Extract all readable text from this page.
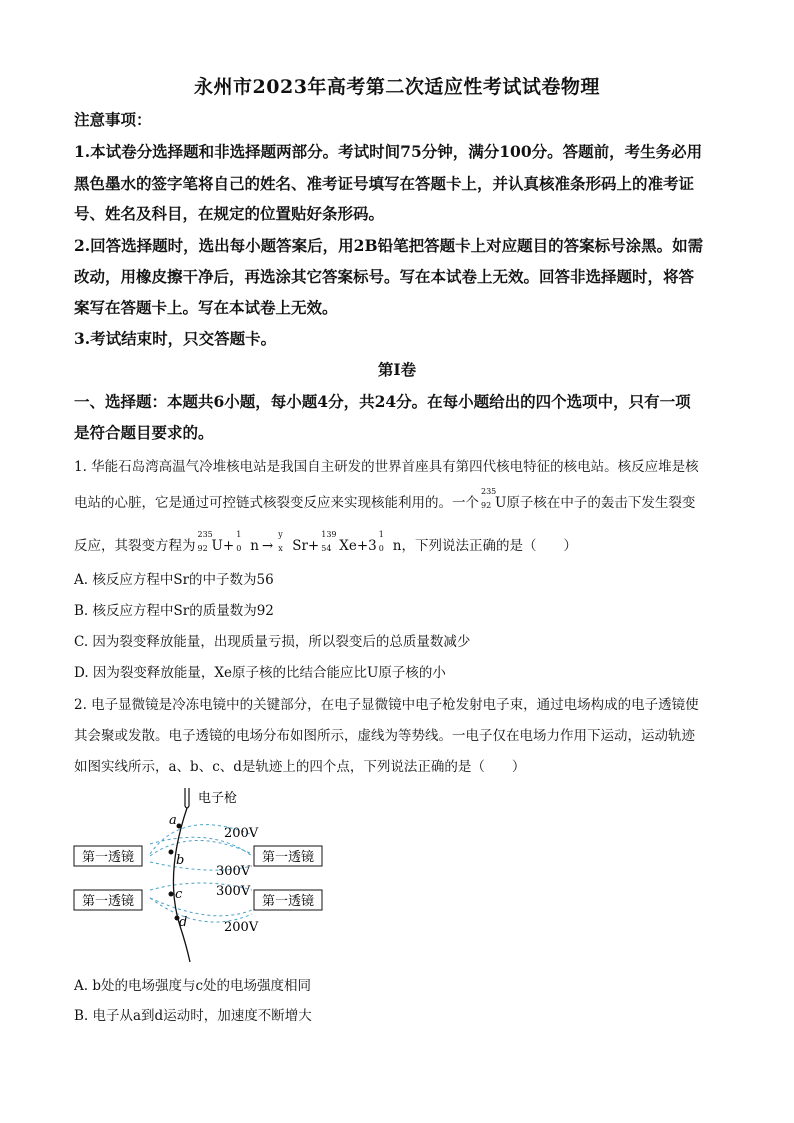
永州市2023年高考第二次适应性考试试卷物理
注意事项：
1.本试卷分选择题和非选择题两部分。考试时间75分钟，满分100分。答题前，考生务必用
黑色墨水的签字笔将自己的姓名、准考证号填写在答题卡上，并认真核准条形码上的准考证
号、姓名及科目，在规定的位置贴好条形码。
2.回答选择题时，选出每小题答案后，用2B铅笔把答题卡上对应题目的答案标号涂黑。如需
改动，用橡皮擦干净后，再选涂其它答案标号。写在本试卷上无效。回答非选择题时，将答
案写在答题卡上。写在本试卷上无效。
3.考试结束时，只交答题卡。
第Ⅰ卷
一、选择题：本题共6小题，每小题4分，共24分。在每小题给出的四个选项中，只有一项
是符合题目要求的。
1. 华能石岛湾高温气冷堆核电站是我国自主研发的世界首座具有第四代核电特征的核电站。核反应堆是核
电站的心脏，它是通过可控链式核裂变反应来实现核能利用的。一个
235
92 U原子核在中子的轰击下发生裂变
反应，其裂变方程为
235
92 U+
1
0 n →
y
x Sr+
139
54 Xe+3
1
0 n，下列说法正确的是（　　）
A. 核反应方程中Sr的中子数为56
B. 核反应方程中Sr的质量数为92
C. 因为裂变释放能量，出现质量亏损，所以裂变后的总质量数减少
D. 因为裂变释放能量，Xe原子核的比结合能应比U原子核的小
2. 电子显微镜是冷冻电镜中的关键部分，在电子显微镜中电子枪发射电子束，通过电场构成的电子透镜使
其会聚或发散。电子透镜的电场分布如图所示，虚线为等势线。一电子仅在电场力作用下运动，运动轨迹
如图实线所示，a、b、c、d是轨迹上的四个点，下列说法正确的是（　　）
电子枪
a
b
c
d
200V
300V
300V
200V
第一透镜	第一透镜
第一透镜	第一透镜
A. b处的电场强度与c处的电场强度相同
B. 电子从a到d运动时，加速度不断增大
